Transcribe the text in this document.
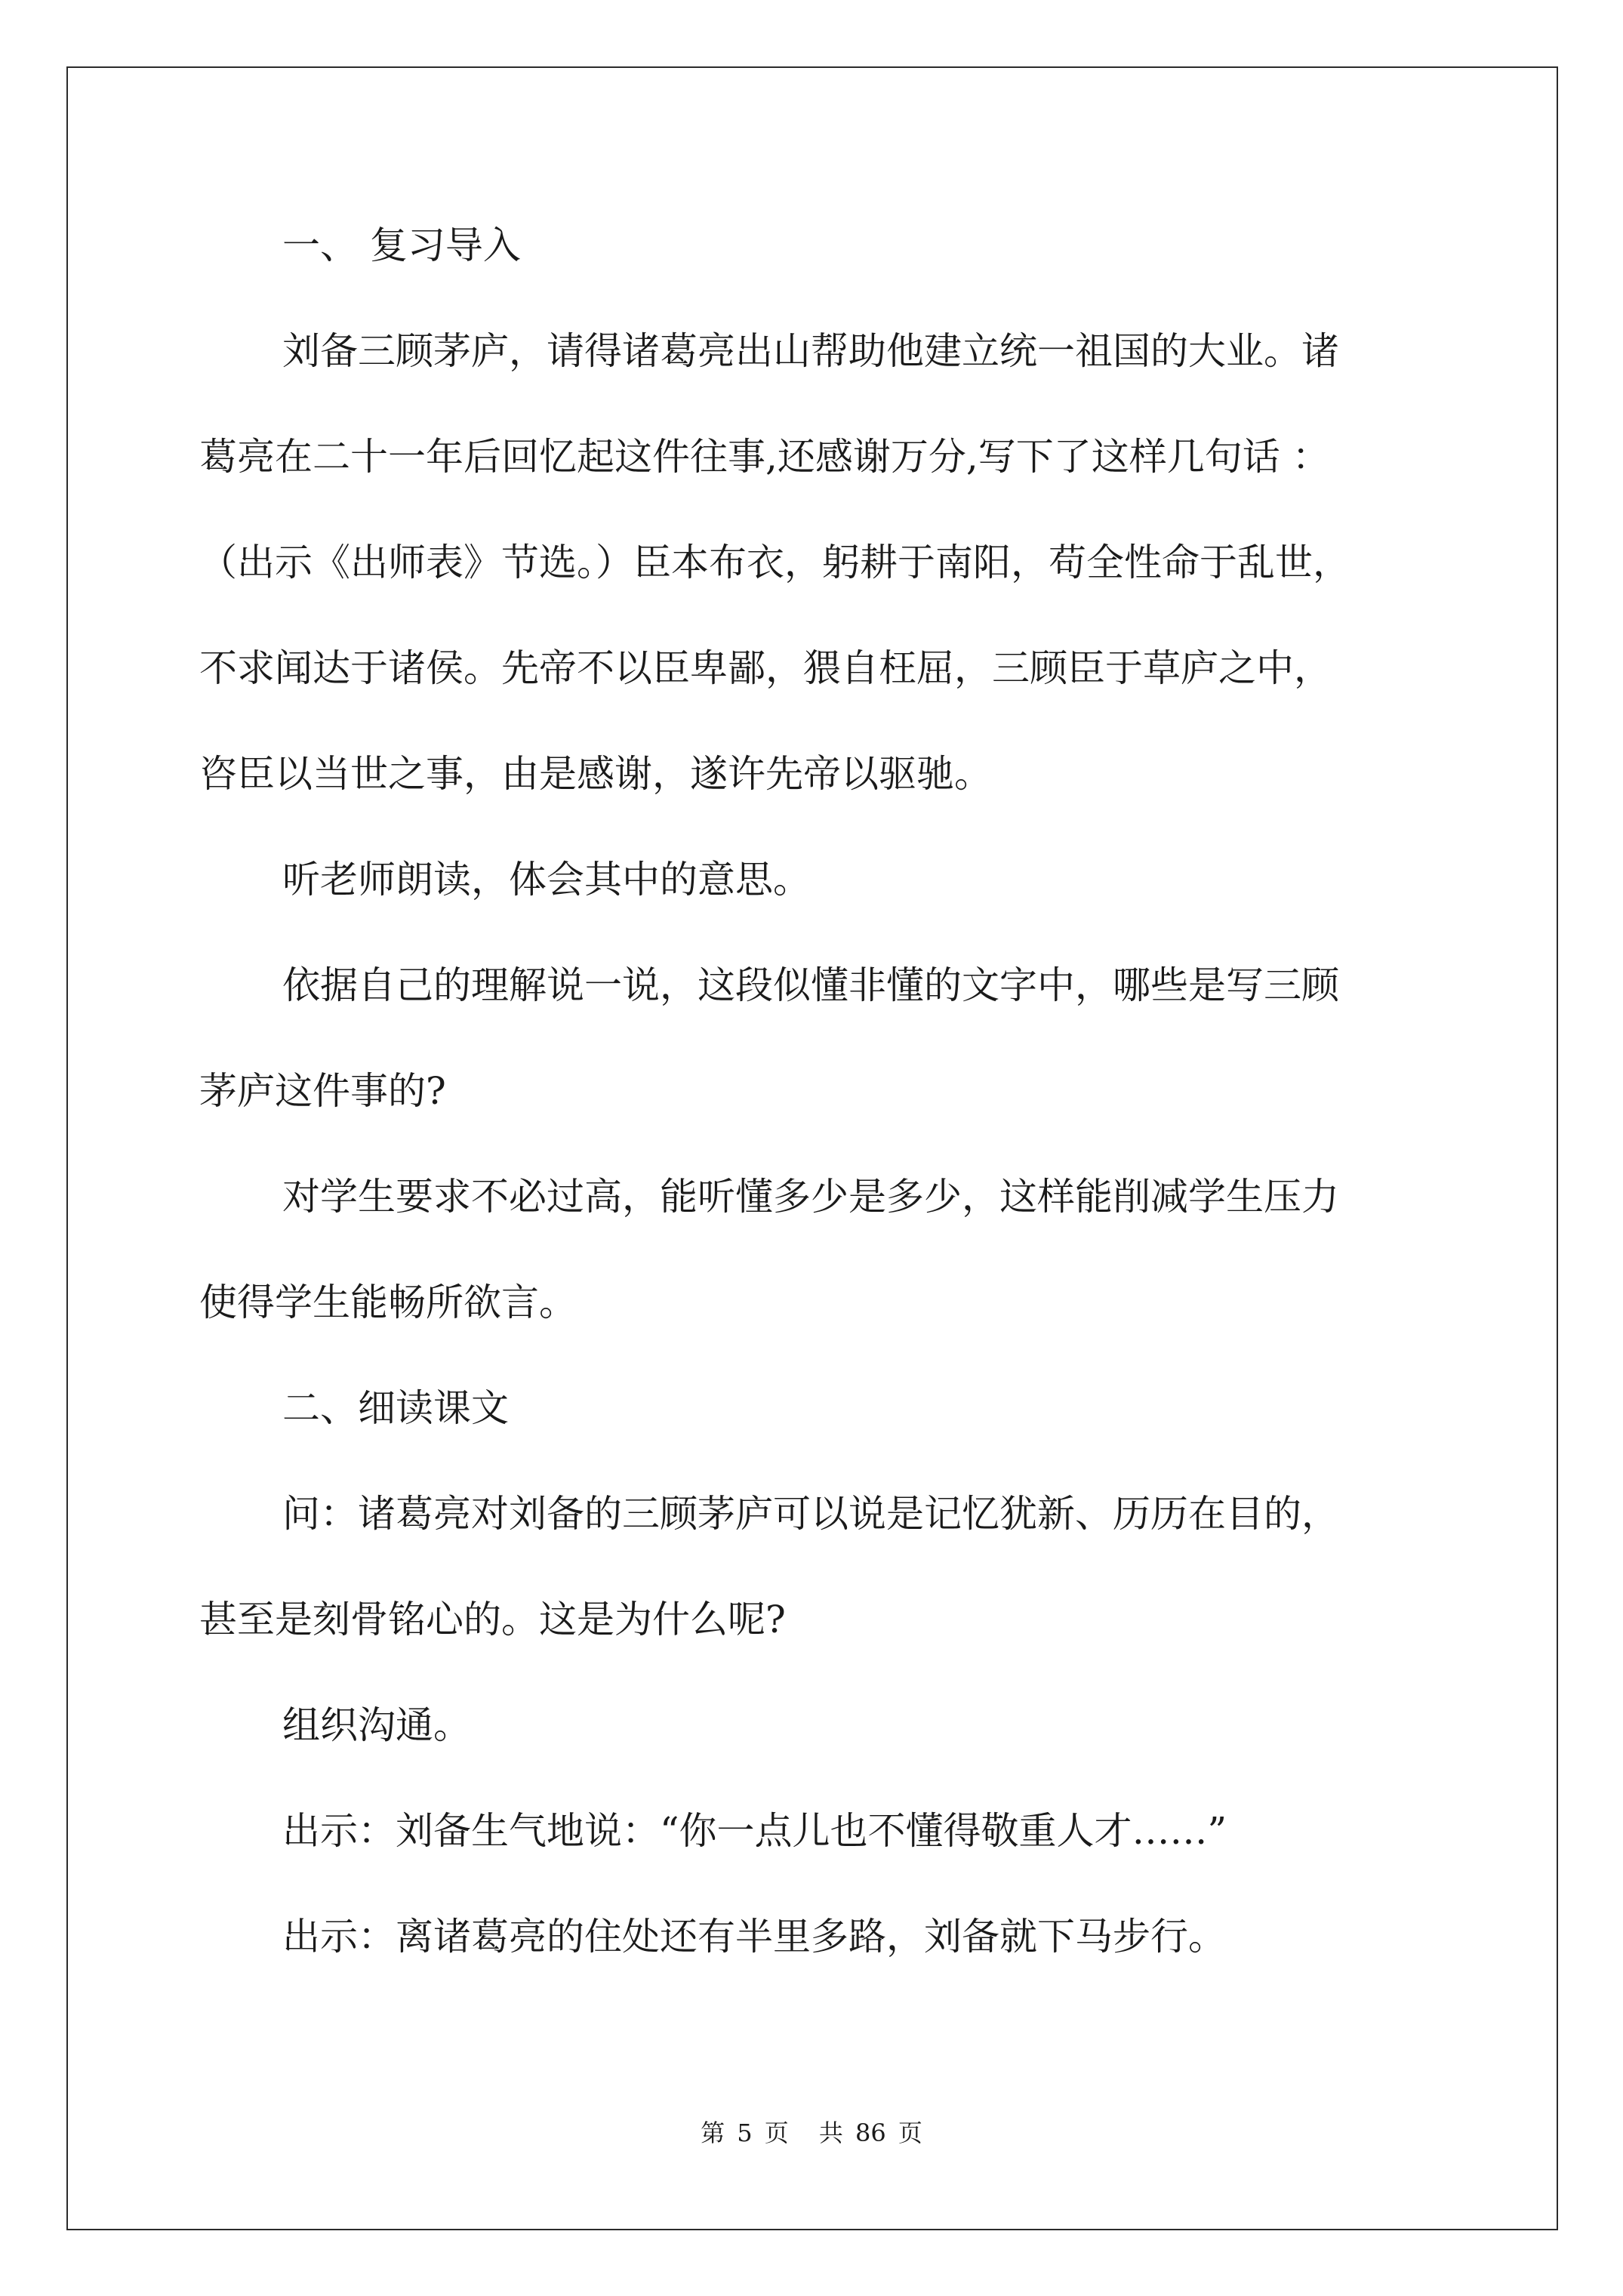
一、 复习导入
刘备三顾茅庐，请得诸葛亮出山帮助他建立统一祖国的大业。诸
葛亮在二十一年后回忆起这件往事,还感谢万分,写下了这样几句话 ：
（出示《出师表》节选。）臣本布衣，躬耕于南阳，苟全性命于乱世，
不求闻达于诸侯。先帝不以臣卑鄙，猥自枉屈，三顾臣于草庐之中，
咨臣以当世之事，由是感谢，遂许先帝以驱驰。
听老师朗读，体会其中的意思。
依据自己的理解说一说，这段似懂非懂的文字中，哪些是写三顾
茅庐这件事的?
对学生要求不必过高，能听懂多少是多少，这样能削减学生压力
使得学生能畅所欲言。
二、细读课文
问：诸葛亮对刘备的三顾茅庐可以说是记忆犹新、历历在目的，
甚至是刻骨铭心的。这是为什么呢?
组织沟通。
出示：刘备生气地说：“你一点儿也不懂得敬重人才……”
出示：离诸葛亮的住处还有半里多路，刘备就下马步行。
第 5 页 共 86 页
